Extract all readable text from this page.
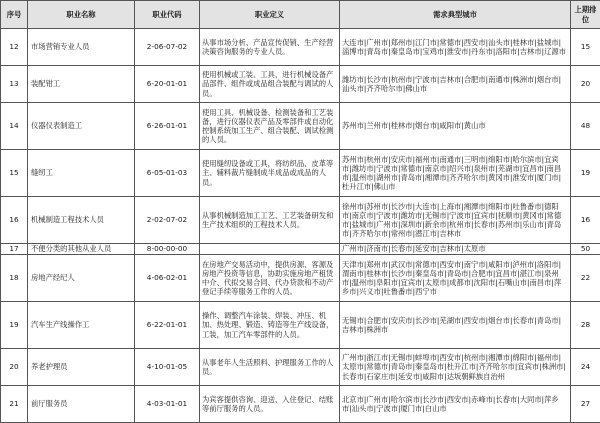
序号	职业名称	职业代码	职业定义	需求典型城市	上期排位
12	市场营销专业人员	2-06-07-02	从事市场分析、产品宣传促销、生产经营决策咨询服务的专业人员。	大连市|广州市|郑州市|江门市|常德市|西安市|汕头市|桂林市|盐城市|淄博市|青岛市|秦皇岛市|宝鸡市|淮安市|丹东市|洛阳市|吉林市|辽源市	15
13	装配钳工	6-20-01-01	使用机械或工装、工具，进行机械设备产品部件、组件或成品组合装配与调试的人员。	潍坊市|长沙市|杭州市|宁波市|吉林市|合肥市|南通市|株洲市|烟台市|汕头市|齐齐哈尔市|佛山市	20
14	仪器仪表制造工	6-26-01-01	使用工具、机械设备、检测装备和工艺装备，进行仪器仪表产品及零部件或自动化控制系统加工生产、组合装配、调试检测的人员。	苏州市|兰州市|桂林市|烟台市|咸阳市|黄山市	48
15	缝纫工	6-05-01-03	使用缝纫设备或工具，将纺织品、皮革等主、辅料裁片缝制成半成品或成品的人员。	苏州市|杭州市|安庆市|福州市|南通市|三明市|绵阳市|哈尔滨市|宜宾市|潍坊市|宁波市|常德市|南京市|绍兴市|泉州市|芜湖市|宜昌市|南昌市|温州市|湖州市|青岛市|湘潭市|齐齐哈尔市|黄冈市|淮安市|厦门市|杜升江市|佛山市	19
16	机械制造工程技术人员	2-02-07-02	从事机械制造加工工艺、工艺装备研发和生产技术组织的工程技术人员。	徐州市|苏州市|长沙市|大连市|上海市|湘潭市|绵阳市|吐鲁番市|德阳市|南京市|宁波市|潍坊市|无锡市|宁波市|宜宾市|抚顺市|黄冈市|常德市|盐城市|广州市|深圳市|新余市|杭州市|长春市|苏州市|乐山市|青岛市|齐齐哈尔市|常州市|潜江市|吉林市	16
17	不便分类的其他从业人员	8-00-00-00		广州市|济南市|长春市|延安市|吉林市|太原市	50
18	房地产经纪人	4-06-02-01	在房地产交易活动中，提供房源、客源及房地产投资等信息，协助实施房地产租赁中介、代拟交易合同、代办贷款和不动产登记手续等服务工作的人员。	天津市|郑州市|武汉市|常德市|西安市|南宁市|咸阳市|泸州市|洛阳市|渭南市|桂林市|长沙市|秦皇岛市|青岛市|合肥市|宜昌市|湛江市|泉州市|温州市|阜阳市|宜宾市|太原市|成都市|沈阳市|石嘴山市|南昌市|萍乡市|兴义市|吐鲁番市|西宁市	22
19	汽车生产线操作工	6-22-01-01	操作、调整汽车涂装、焊装、冲压、机加、热处理、锻造、铸造等生产线设备，工装，加工汽车零部件的人员。	无锡市|合肥市|安庆市|长沙市|芜湖市|西安市|烟台市|长春市|青岛市|吉林市|株洲市	28
20	养老护理员	4-10-01-05	从事老年人生活照料、护理服务工作的人员。	广州市|浙江市|无锡市|蚌埠市|西安市|杭州市|湘潭市|绵阳市|福州市|太原市|常德市|青岛市|秦皇岛市|杜升江市|齐齐哈尔市|宜宾市|株洲市|长春市|石家庄市|延安市|咸阳市|达坂朝鲜族自治州	24
21	前厅服务员	4-03-01-01	为宾客提供咨询、迎送、入住登记、结账等前厅服务的人员。	北京市|广州市|哈尔滨市|长沙市|西安市|赤峰市|长春市|大同市|萍乡市|汕头市|宁波市|厦门市|白山市	27
